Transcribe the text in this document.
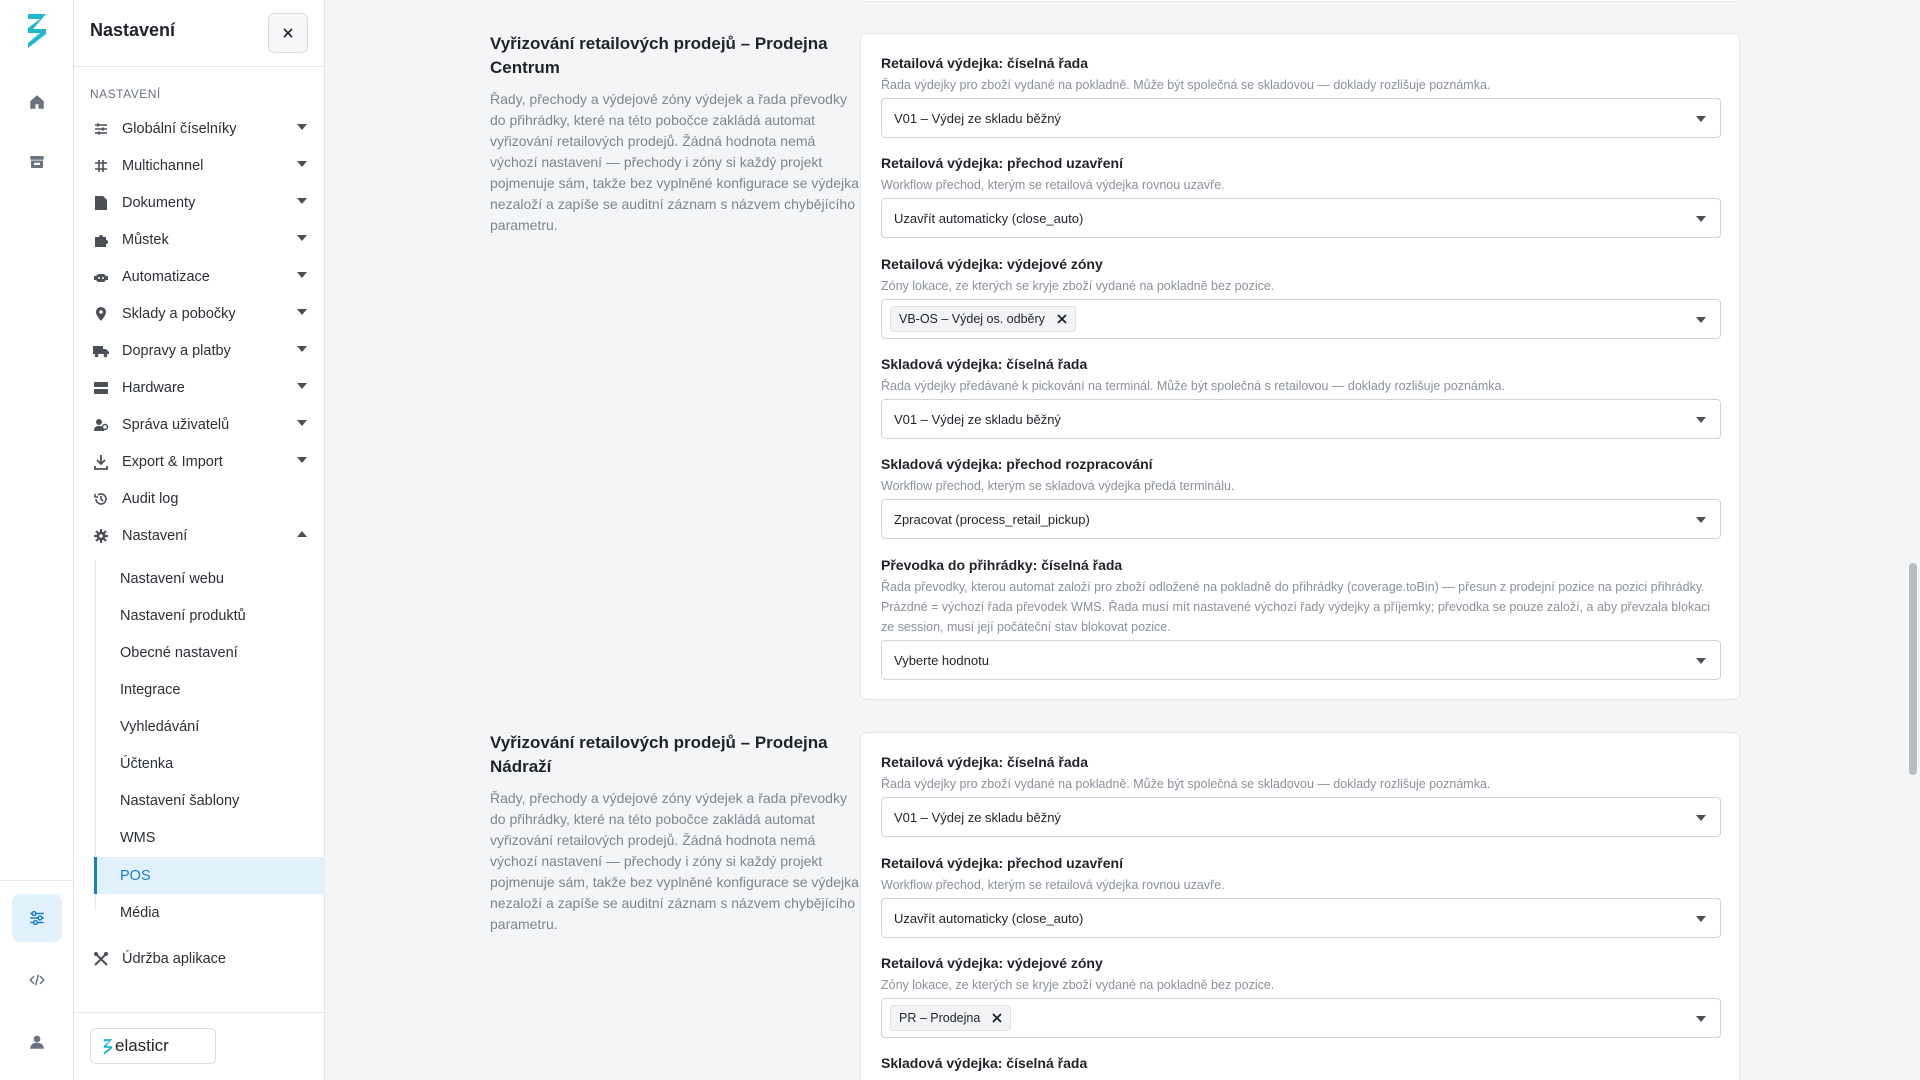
Nastavení
NASTAVENÍ
Globální číselníky
Multichannel
Dokumenty
Můstek
Automatizace
Sklady a pobočky
Dopravy a platby
Hardware
Správa uživatelů
Export & Import
Audit log
Nastavení
Nastavení webu
Nastavení produktů
Obecné nastavení
Integrace
Vyhledávání
Účtenka
Nastavení šablony
WMS
POS
Média
Údržba aplikace
elasticr
Vyřizování retailových prodejů – Prodejna Centrum

Řady, přechody a výdejové zóny výdejek a řada převodky do přihrádky, které na této pobočce zakládá automat vyřizování retailových prodejů. Žádná hodnota nemá výchozí nastavení — přechody i zóny si každý projekt pojmenuje sám, takže bez vyplněné konfigurace se výdejka nezaloží a zapíše se auditní záznam s názvem chybějícího parametru.

Retailová výdejka: číselná řada
Řada výdejky pro zboží vydané na pokladně. Může být společná se skladovou — doklady rozlišuje poznámka.
V01 – Výdej ze skladu běžný
Retailová výdejka: přechod uzavření
Workflow přechod, kterým se retailová výdejka rovnou uzavře.
Uzavřít automaticky (close_auto)
Retailová výdejka: výdejové zóny
Zóny lokace, ze kterých se kryje zboží vydané na pokladně bez pozice.
VB-OS – Výdej os. odběry
Skladová výdejka: číselná řada
Řada výdejky předávané k pickování na terminál. Může být společná s retailovou — doklady rozlišuje poznámka.
V01 – Výdej ze skladu běžný
Skladová výdejka: přechod rozpracování
Workflow přechod, kterým se skladová výdejka předá terminálu.
Zpracovat (process_retail_pickup)
Převodka do přihrádky: číselná řada
Řada převodky, kterou automat založí pro zboží odložené na pokladně do přihrádky (coverage.toBin) — přesun z prodejní pozice na pozici přihrádky. Prázdné = výchozí řada převodek WMS. Řada musí mít nastavené výchozí řady výdejky a příjemky; převodka se pouze založí, a aby převzala blokaci ze session, musí její počáteční stav blokovat pozice.
Vyberte hodnotu
Vyřizování retailových prodejů – Prodejna Nádraží

Řady, přechody a výdejové zóny výdejek a řada převodky do přihrádky, které na této pobočce zakládá automat vyřizování retailových prodejů. Žádná hodnota nemá výchozí nastavení — přechody i zóny si každý projekt pojmenuje sám, takže bez vyplněné konfigurace se výdejka nezaloží a zapíše se auditní záznam s názvem chybějícího parametru.

Retailová výdejka: číselná řada
Řada výdejky pro zboží vydané na pokladně. Může být společná se skladovou — doklady rozlišuje poznámka.
V01 – Výdej ze skladu běžný
Retailová výdejka: přechod uzavření
Workflow přechod, kterým se retailová výdejka rovnou uzavře.
Uzavřít automaticky (close_auto)
Retailová výdejka: výdejové zóny
Zóny lokace, ze kterých se kryje zboží vydané na pokladně bez pozice.
PR – Prodejna
Skladová výdejka: číselná řada
